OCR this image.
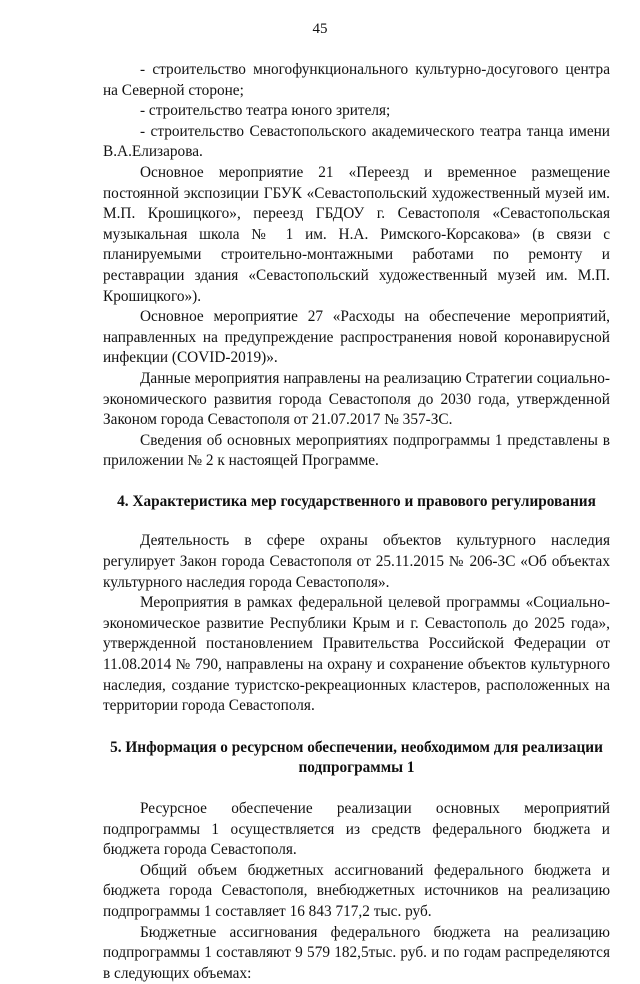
45

- строительство многофункционального культурно-досугового центра на Северной стороне;

- строительство театра юного зрителя;

- строительство Севастопольского академического театра танца имени В.А.Елизарова.

Основное мероприятие 21 «Переезд и временное размещение постоянной экспозиции ГБУК «Севастопольский художественный музей им. М.П. Крошицкого», переезд ГБДОУ г. Севастополя «Севастопольская музыкальная школа № 1 им. Н.А. Римского-Корсакова» (в связи с планируемыми строительно-монтажными работами по ремонту и реставрации здания «Севастопольский художественный музей им. М.П. Крошицкого»).

Основное мероприятие 27 «Расходы на обеспечение мероприятий, направленных на предупреждение распространения новой коронавирусной инфекции (COVID-2019)».

Данные мероприятия направлены на реализацию Стратегии социально-экономического развития города Севастополя до 2030 года, утвержденной Законом города Севастополя от 21.07.2017 № 357-ЗС.

Сведения об основных мероприятиях подпрограммы 1 представлены в приложении № 2 к настоящей Программе.

4. Характеристика мер государственного и правового регулирования

Деятельность в сфере охраны объектов культурного наследия регулирует Закон города Севастополя от 25.11.2015 № 206-ЗС «Об объектах культурного наследия города Севастополя».

Мероприятия в рамках федеральной целевой программы «Социально-экономическое развитие Республики Крым и г. Севастополь до 2025 года», утвержденной постановлением Правительства Российской Федерации от 11.08.2014 № 790, направлены на охрану и сохранение объектов культурного наследия, создание туристско-рекреационных кластеров, расположенных на территории города Севастополя.

5. Информация о ресурсном обеспечении, необходимом для реализации
подпрограммы 1

Ресурсное обеспечение реализации основных мероприятий подпрограммы 1 осуществляется из средств федерального бюджета и бюджета города Севастополя.

Общий объем бюджетных ассигнований федерального бюджета и бюджета города Севастополя, внебюджетных источников на реализацию подпрограммы 1 составляет 16 843 717,2 тыс. руб.

Бюджетные ассигнования федерального бюджета на реализацию подпрограммы 1 составляют 9 579 182,5тыс. руб. и по годам распределяются в следующих объемах:
